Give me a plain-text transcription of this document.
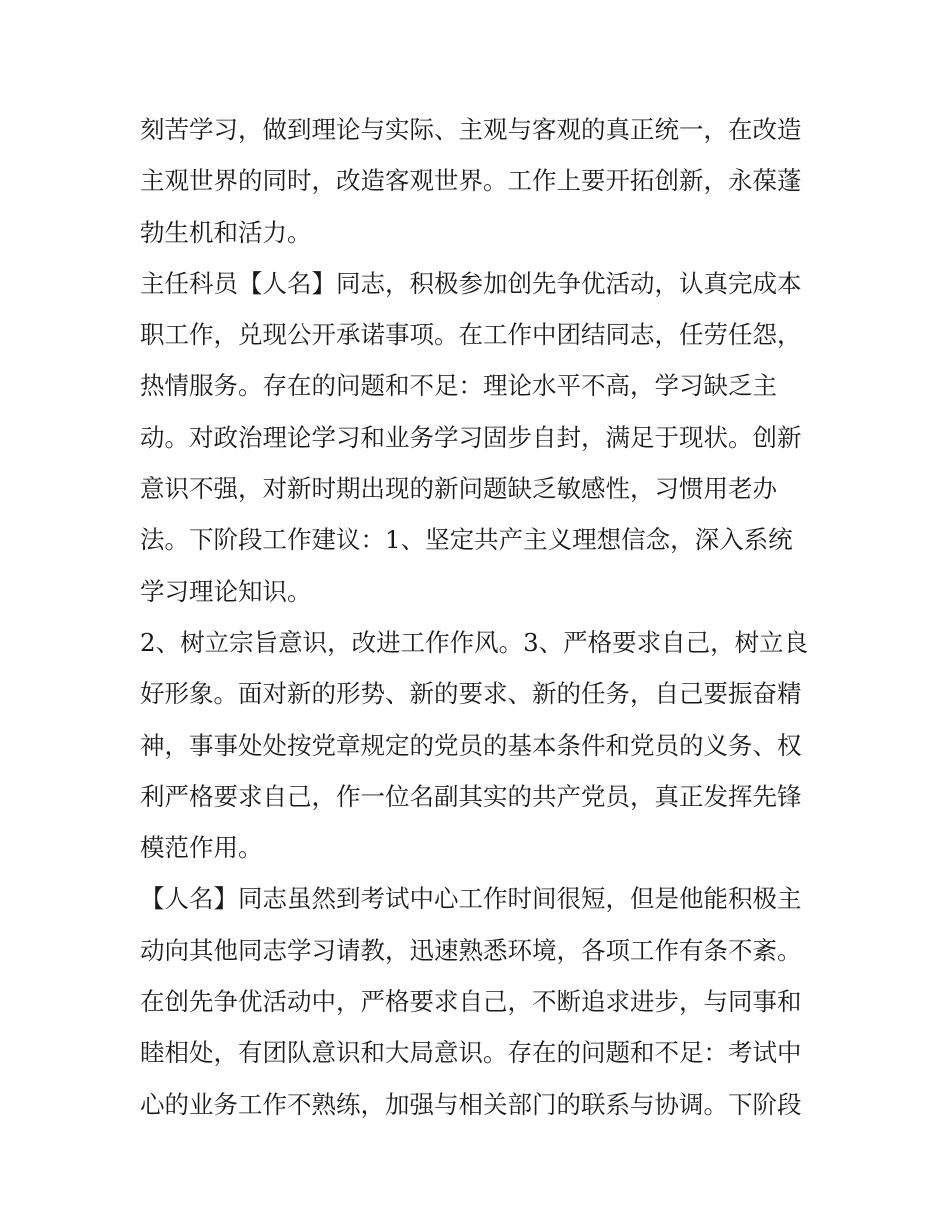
刻苦学习，做到理论与实际、主观与客观的真正统一，在改造
主观世界的同时，改造客观世界。工作上要开拓创新，永葆蓬
勃生机和活力。
主任科员【人名】同志，积极参加创先争优活动，认真完成本
职工作，兑现公开承诺事项。在工作中团结同志，任劳任怨，
热情服务。存在的问题和不足：理论水平不高，学习缺乏主
动。对政治理论学习和业务学习固步自封，满足于现状。创新
意识不强，对新时期出现的新问题缺乏敏感性，习惯用老办
法。下阶段工作建议：1、坚定共产主义理想信念，深入系统
学习理论知识。
2、树立宗旨意识，改进工作作风。3、严格要求自己，树立良
好形象。面对新的形势、新的要求、新的任务，自己要振奋精
神，事事处处按党章规定的党员的基本条件和党员的义务、权
利严格要求自己，作一位名副其实的共产党员，真正发挥先锋
模范作用。
【人名】同志虽然到考试中心工作时间很短，但是他能积极主
动向其他同志学习请教，迅速熟悉环境，各项工作有条不紊。
在创先争优活动中，严格要求自己，不断追求进步，与同事和
睦相处，有团队意识和大局意识。存在的问题和不足：考试中
心的业务工作不熟练，加强与相关部门的联系与协调。下阶段
